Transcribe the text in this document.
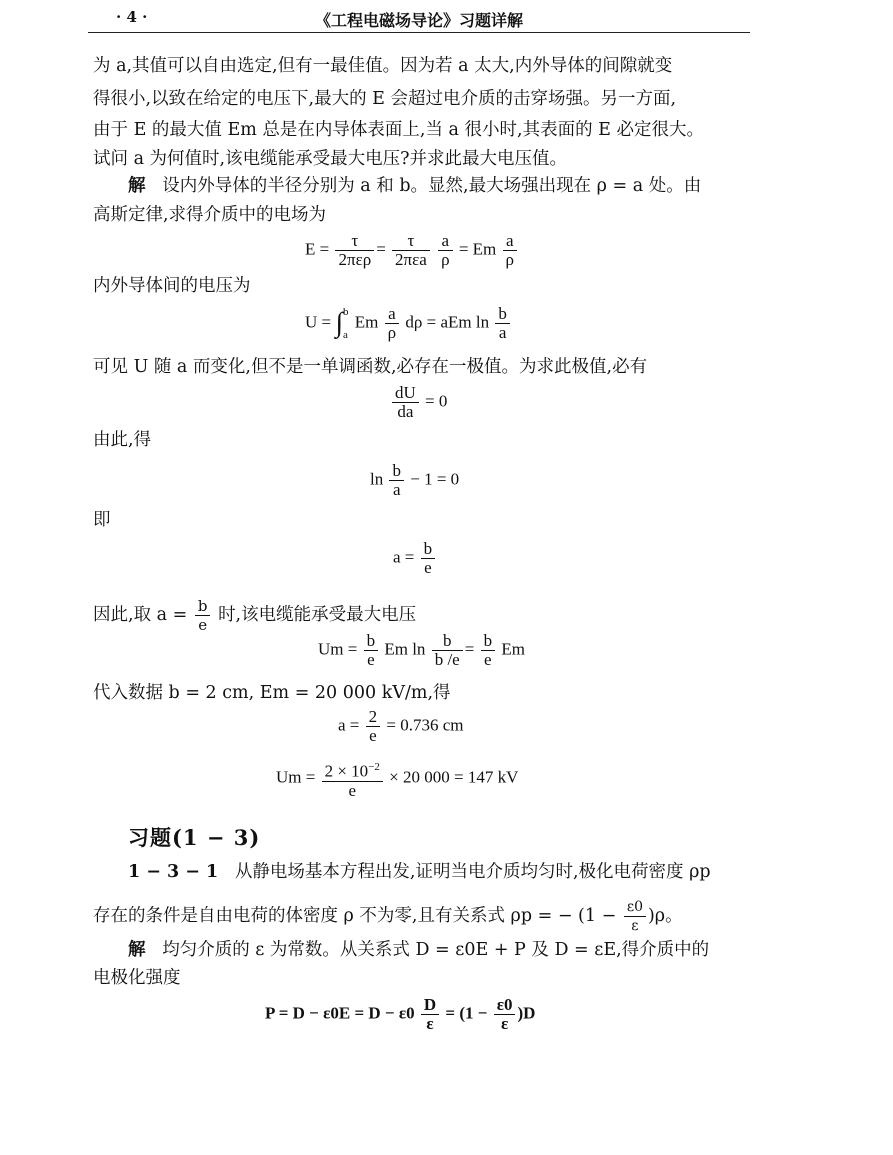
· 4 ·	《工程电磁场导论》习题详解
为 a,其值可以自由选定,但有一最佳值。因为若 a 太大,内外导体的间隙就变
得很小,以致在给定的电压下,最大的 E 会超过电介质的击穿场强。另一方面,
由于 E 的最大值 Em 总是在内导体表面上,当 a 很小时,其表面的 E 必定很大。
试问 a 为何值时,该电缆能承受最大电压?并求此最大电压值。
解 设内外导体的半径分别为 a 和 b。显然,最大场强出现在 ρ = a 处。由
高斯定律,求得介质中的电场为
$E = \frac{\tau}{\text{2περ}} = \frac{\tau}{\text{2πεa}}$
$\frac{a}{\rho} = Em \frac{a}{\rho}$
内外导体间的电压为
U = ∫ b
a
Em $\frac{a}{\rho}$ dρ = aEm $\ln \frac{b}{a}$
可见 U 随 a 而变化,但不是一单调函数,必存在一极值。为求此极值,必有
$\frac{dU}{da} = 0$
由此,得
$\ln \frac{b}{a} - 1 = 0$
即
$a = \frac{b}{e}$
因此,取 $a = \frac{b}{e}$ 时,该电缆能承受最大电压
$Um = \frac{b}{e}$ Em $\ln \frac{b}{b /e} = \frac{b}{e}$ Em
代入数据 b = 2 cm, Em = 20 000 kV/m,得
$a = \frac{2}{e} = 0.736$ cm
$Um = \frac{2 \times 10^{-2}}{e} \times 20$ 000 = 147 kV
习题(1 − 3)
1 − 3 − 1 从静电场基本方程出发,证明当电介质均匀时,极化电荷密度 ρp
存在的条件是自由电荷的体密度 ρ 不为零,且有关系式 ρp = − $(1 - \frac{\varepsilon 0}{\varepsilon} )\rho$。
解 均匀介质的 ε 为常数。从关系式 D = ε0E + P 及 D = εE,得介质中的
电极化强度
$P = D - \varepsilon 0E = D - \varepsilon 0 \frac{D}{\varepsilon} = (1 - \frac{\varepsilon 0}{\varepsilon} )D$
